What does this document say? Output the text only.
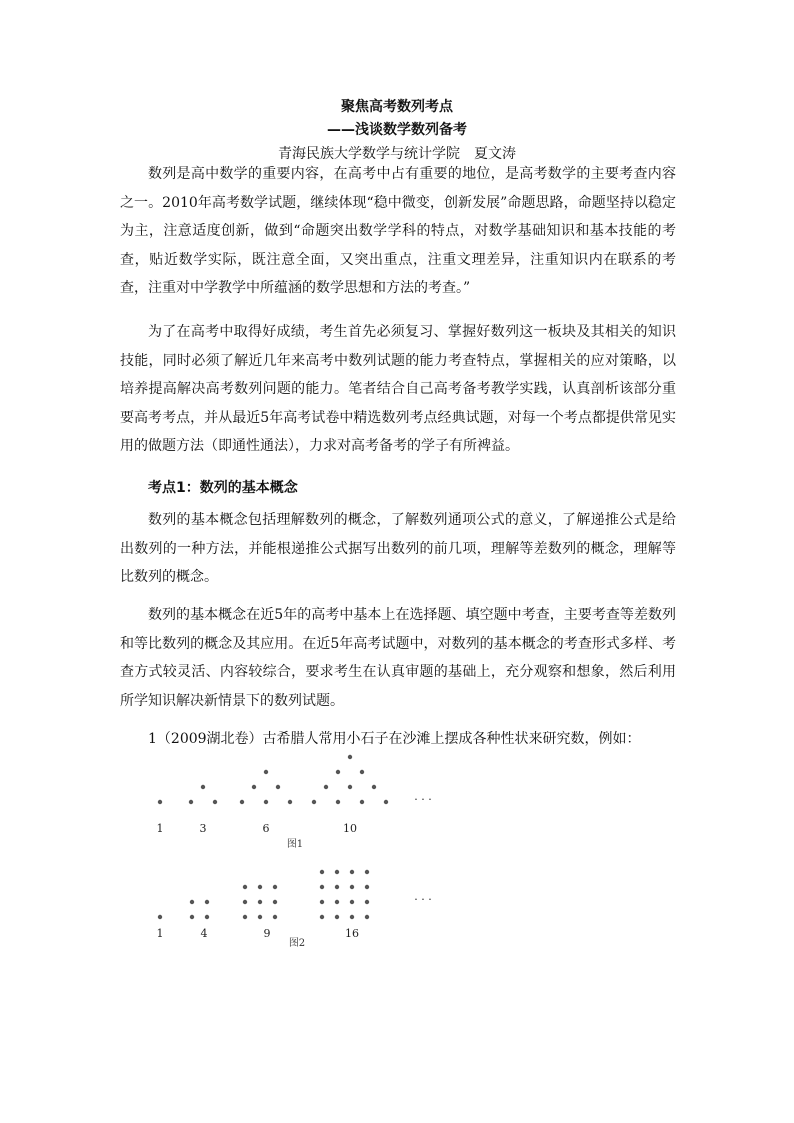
聚焦高考数列考点
——浅谈数学数列备考
青海民族大学数学与统计学院　夏文涛

数列是高中数学的重要内容，在高考中占有重要的地位，是高考数学的主要考查内容之一。2010年高考数学试题，继续体现“稳中微变，创新发展”命题思路，命题坚持以稳定为主，注意适度创新，做到“命题突出数学学科的特点，对数学基础知识和基本技能的考查，贴近数学实际，既注意全面，又突出重点，注重文理差异，注重知识内在联系的考查，注重对中学教学中所蕴涵的数学思想和方法的考查。”

为了在高考中取得好成绩，考生首先必须复习、掌握好数列这一板块及其相关的知识技能，同时必须了解近几年来高考中数列试题的能力考查特点，掌握相关的应对策略，以培养提高解决高考数列问题的能力。笔者结合自己高考备考教学实践，认真剖析该部分重要高考考点，并从最近5年高考试卷中精选数列考点经典试题，对每一个考点都提供常见实用的做题方法（即通性通法），力求对高考备考的学子有所裨益。

考点1：数列的基本概念

数列的基本概念包括理解数列的概念，了解数列通项公式的意义，了解递推公式是给出数列的一种方法，并能根递推公式据写出数列的前几项，理解等差数列的概念，理解等比数列的概念。

数列的基本概念在近5年的高考中基本上在选择题、填空题中考查，主要考查等差数列和等比数列的概念及其应用。在近5年高考试题中，对数列的基本概念的考查形式多样、考查方式较灵活、内容较综合，要求考生在认真审题的基础上，充分观察和想象，然后利用所学知识解决新情景下的数列试题。

1（2009湖北卷）古希腊人常用小石子在沙滩上摆成各种性状来研究数，例如：
1	3	6	10
· · ·
图1
1	4	9	16
· · ·
图2
